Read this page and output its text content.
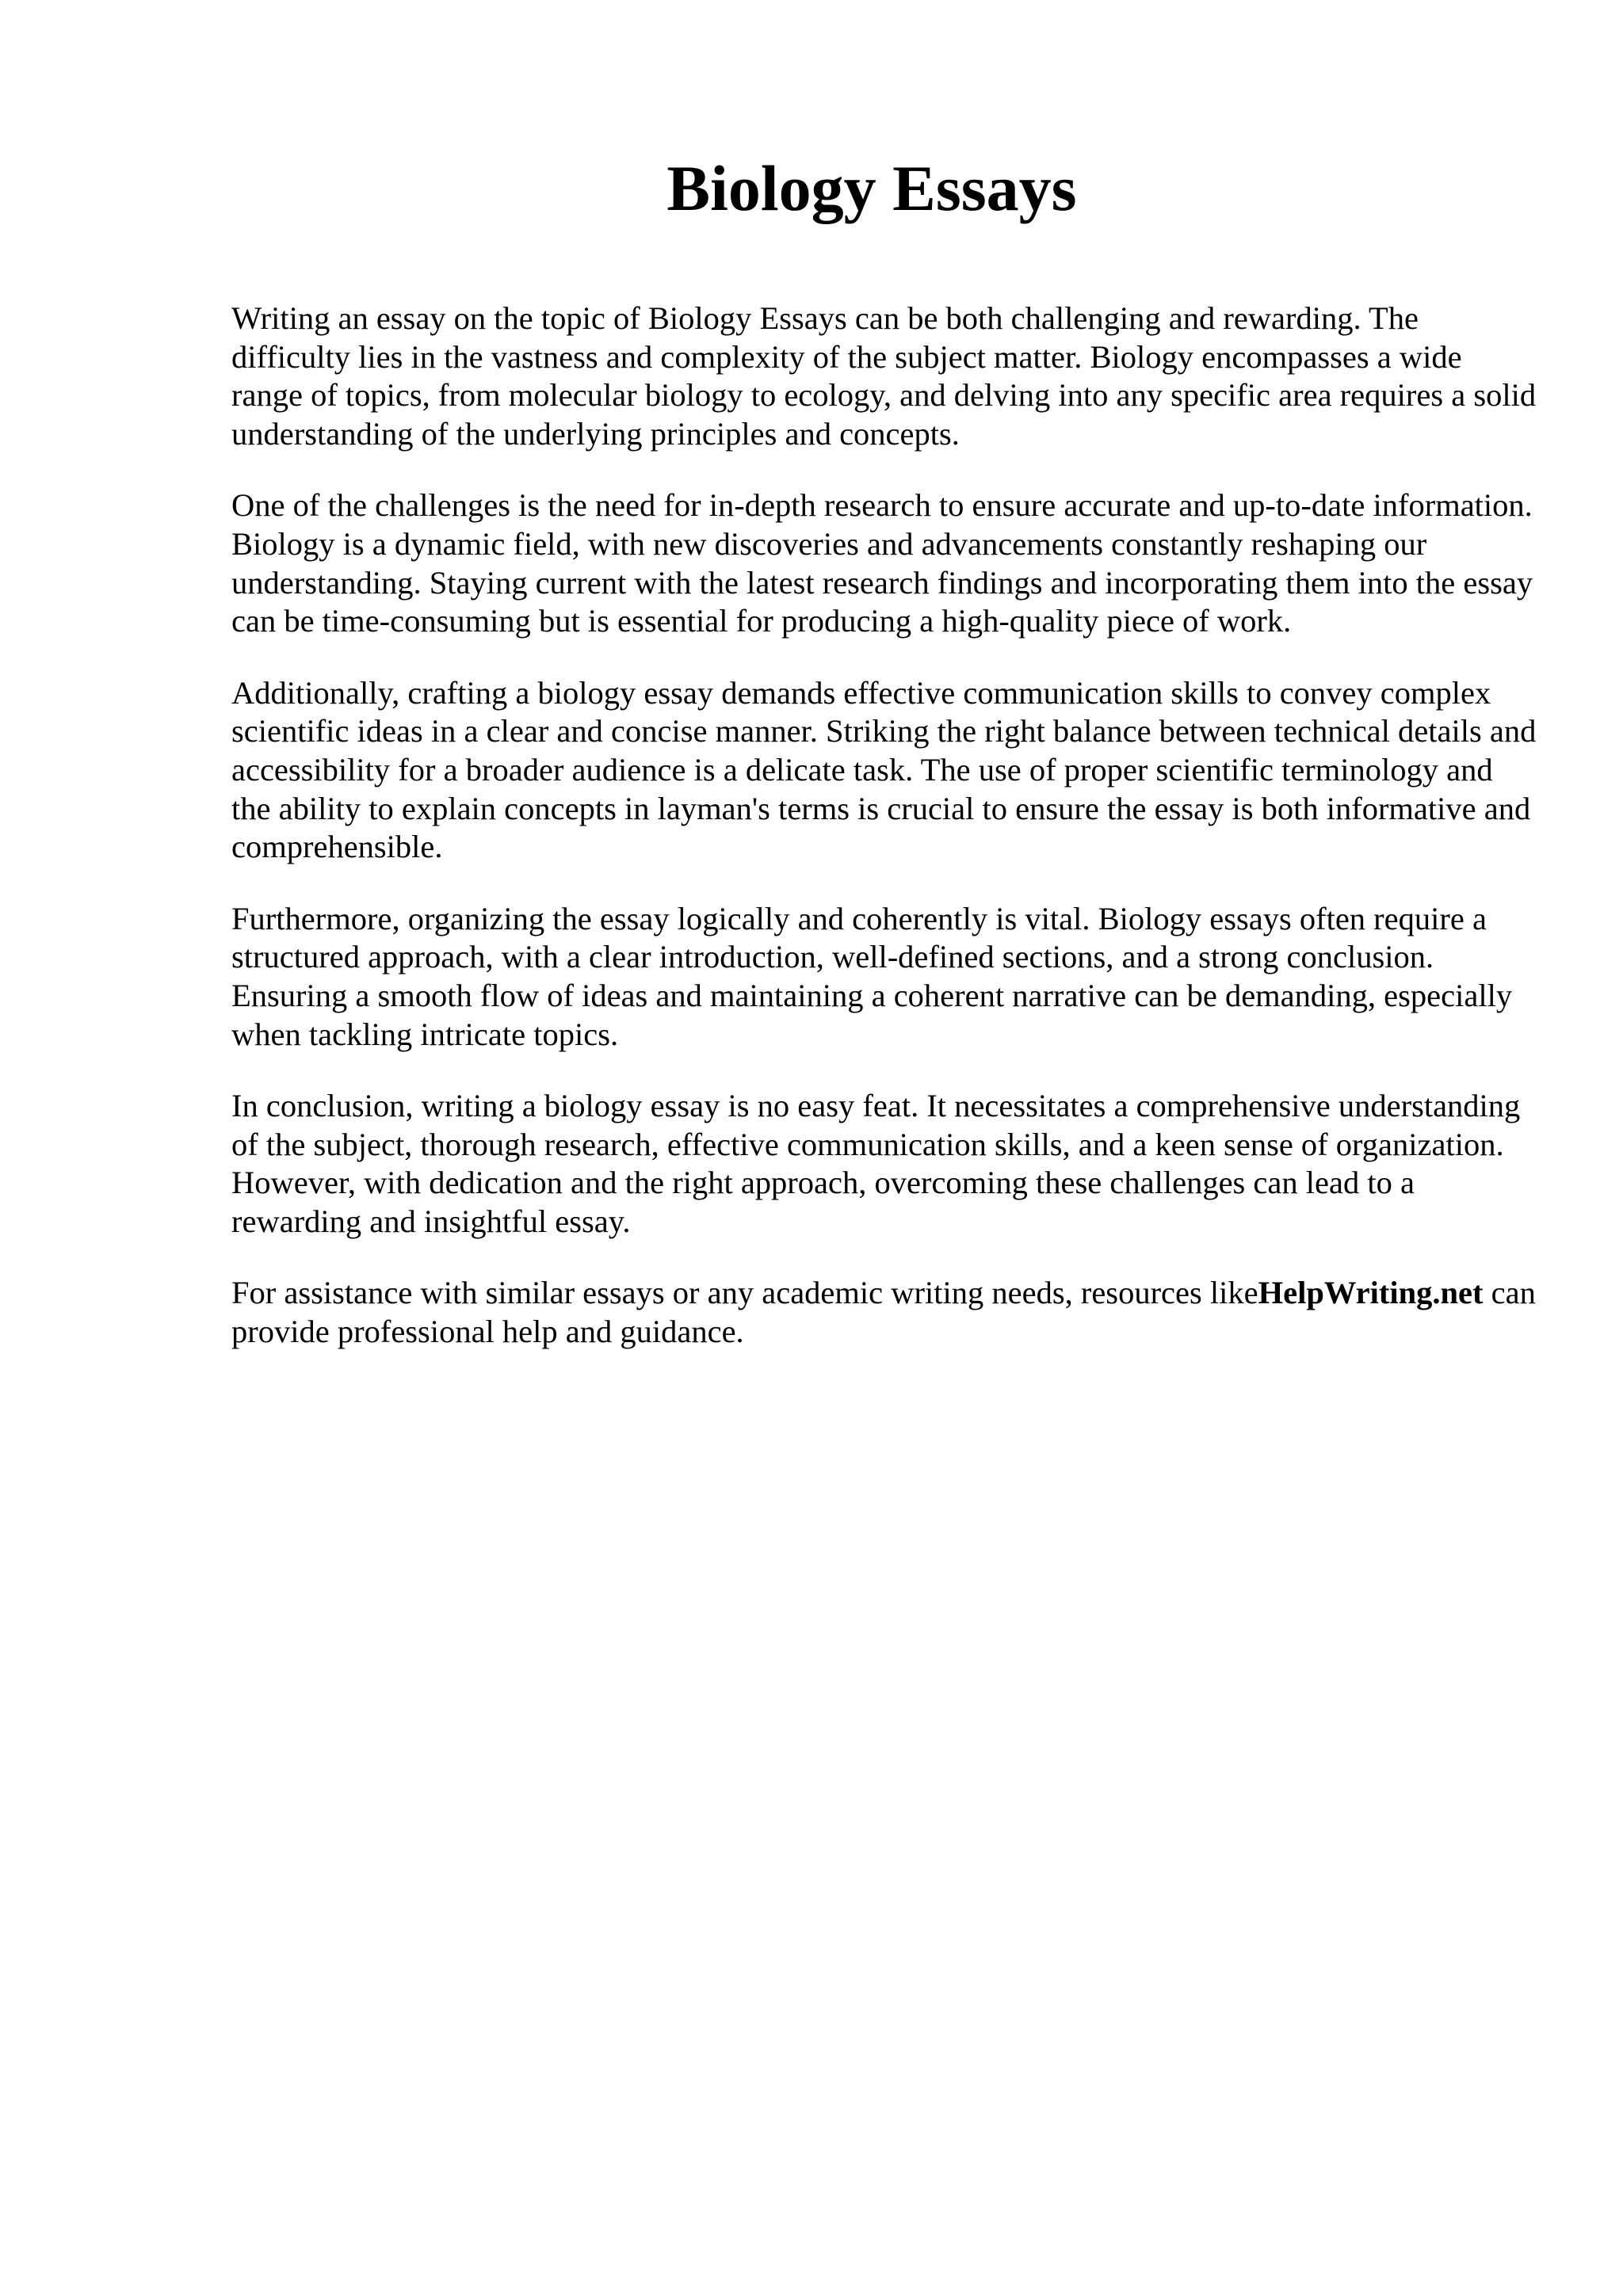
Biology Essays

Writing an essay on the topic of Biology Essays can be both challenging and rewarding. The difficulty lies in the vastness and complexity of the subject matter. Biology encompasses a wide range of topics, from molecular biology to ecology, and delving into any specific area requires a solid understanding of the underlying principles and concepts.

One of the challenges is the need for in-depth research to ensure accurate and up-to-date information. Biology is a dynamic field, with new discoveries and advancements constantly reshaping our understanding. Staying current with the latest research findings and incorporating them into the essay can be time-consuming but is essential for producing a high-quality piece of work.

Additionally, crafting a biology essay demands effective communication skills to convey complex scientific ideas in a clear and concise manner. Striking the right balance between technical details and accessibility for a broader audience is a delicate task. The use of proper scientific terminology and the ability to explain concepts in layman's terms is crucial to ensure the essay is both informative and comprehensible.

Furthermore, organizing the essay logically and coherently is vital. Biology essays often require a structured approach, with a clear introduction, well-defined sections, and a strong conclusion. Ensuring a smooth flow of ideas and maintaining a coherent narrative can be demanding, especially when tackling intricate topics.

In conclusion, writing a biology essay is no easy feat. It necessitates a comprehensive understanding of the subject, thorough research, effective communication skills, and a keen sense of organization. However, with dedication and the right approach, overcoming these challenges can lead to a rewarding and insightful essay.

For assistance with similar essays or any academic writing needs, resources likeHelpWriting.net can provide professional help and guidance.
